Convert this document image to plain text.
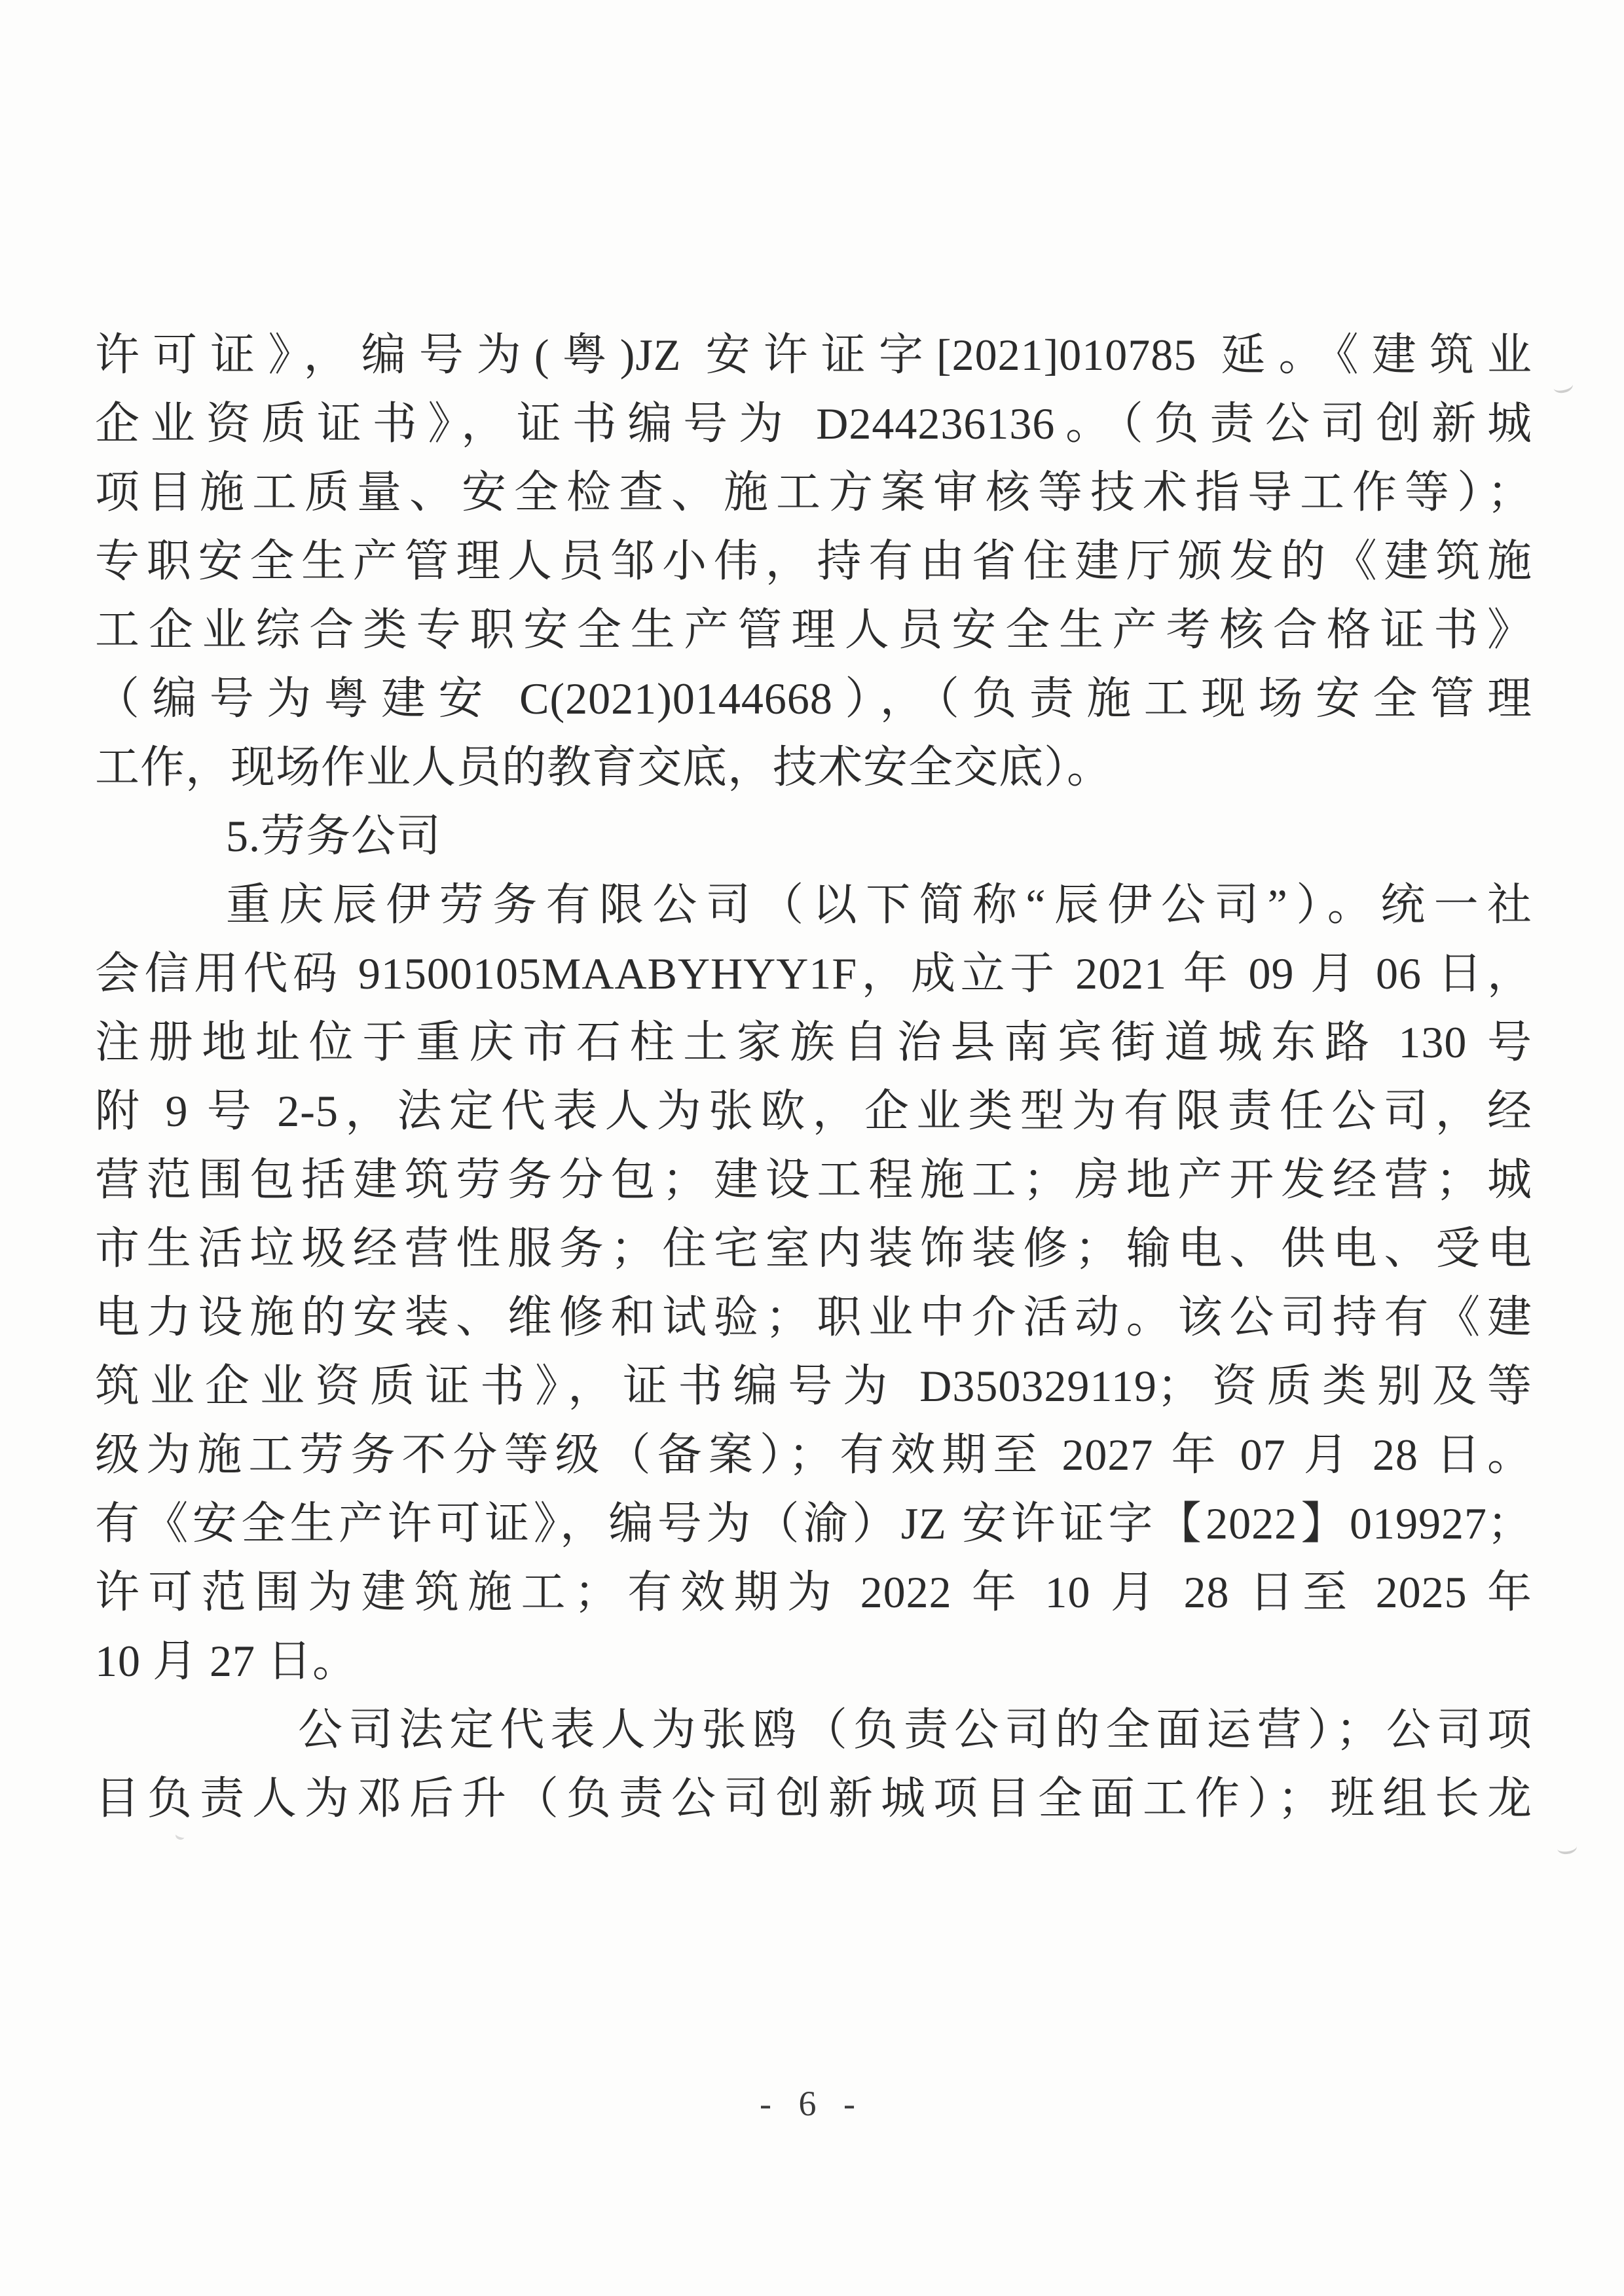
许可证》，编号为(粤)JZ 安许证字[2021]010785 延。《建筑业

企业资质证书》，证书编号为 D244236136。（负责公司创新城

项目施工质量、安全检查、施工方案审核等技术指导工作等）；

专职安全生产管理人员邹小伟，持有由省住建厅颁发的《建筑施

工企业综合类专职安全生产管理人员安全生产考核合格证书》

（编号为粤建安 C(2021)0144668），（负责施工现场安全管理

工作，现场作业人员的教育交底，技术安全交底）。

5.劳务公司

重庆辰伊劳务有限公司（以下简称“辰伊公司”）。统一社

会信用代码 91500105MAABYHYY1F，成立于 2021 年 09 月 06 日，

注册地址位于重庆市石柱土家族自治县南宾街道城东路 130 号

附 9 号 2-5，法定代表人为张欧，企业类型为有限责任公司，经

营范围包括建筑劳务分包；建设工程施工；房地产开发经营；城

市生活垃圾经营性服务；住宅室内装饰装修；输电、供电、受电

电力设施的安装、维修和试验；职业中介活动。该公司持有《建

筑业企业资质证书》，证书编号为 D350329119；资质类别及等

级为施工劳务不分等级（备案）；有效期至 2027 年 07 月 28 日。

有《安全生产许可证》，编号为（渝）JZ 安许证字【2022】019927；

许可范围为建筑施工；有效期为 2022 年 10 月 28 日至 2025 年

10 月 27 日。

公司法定代表人为张鸥（负责公司的全面运营）；公司项

目负责人为邓后升（负责公司创新城项目全面工作）；班组长龙

- 6 -
